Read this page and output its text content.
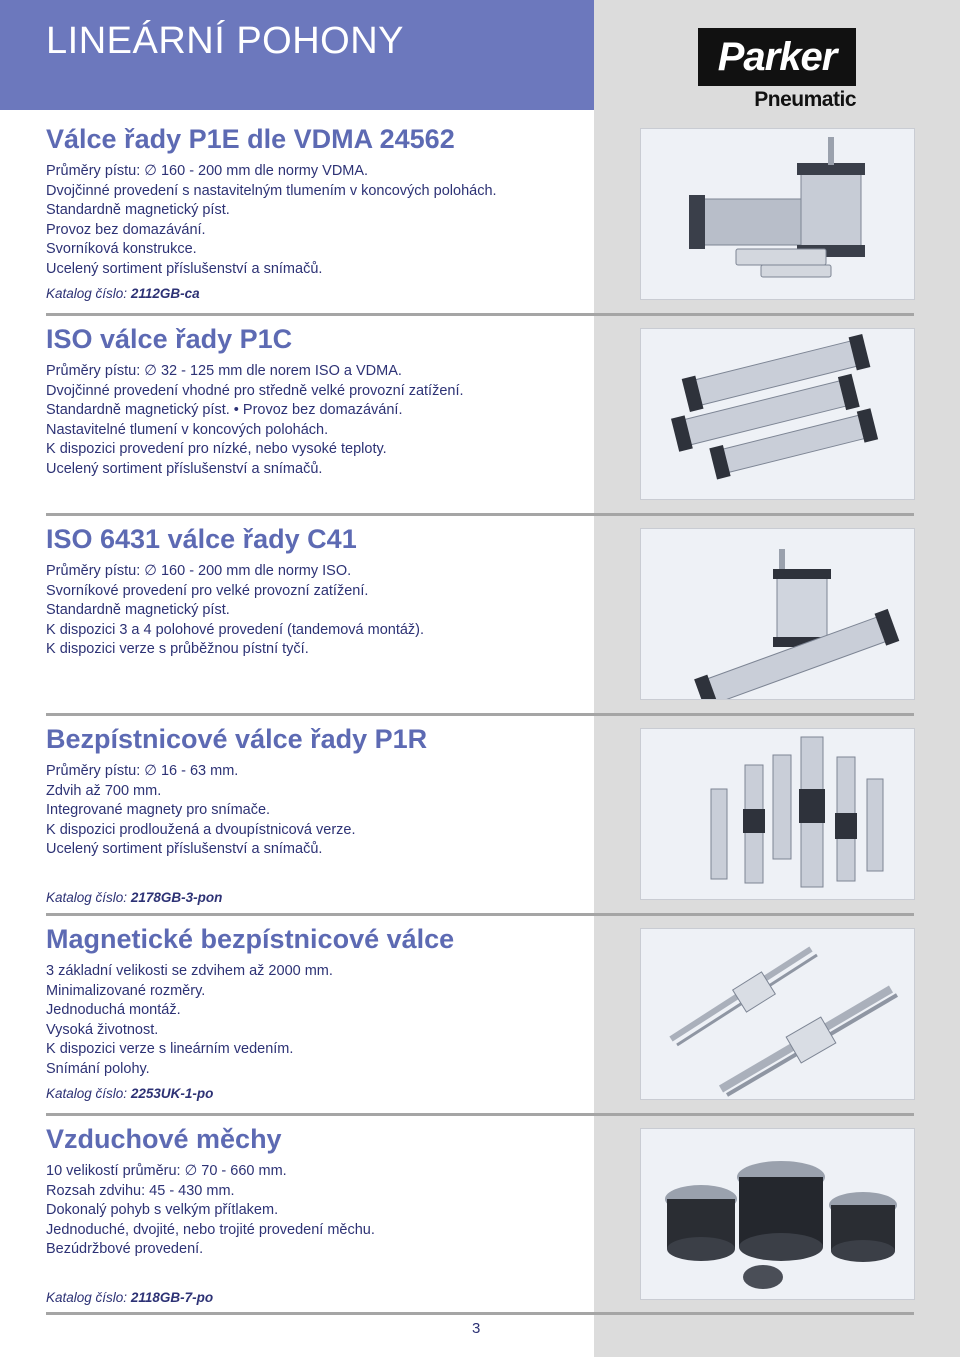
LINEÁRNÍ POHONY	Parker
Pneumatic
Válce řady P1E dle VDMA 24562

Průměry pístu: ∅ 160 - 200 mm dle normy VDMA.

Dvojčinné provedení s nastavitelným tlumením v koncových polohách.

Standardně magnetický píst.

Provoz bez domazávání.

Svorníková konstrukce.

Ucelený sortiment příslušenství a snímačů.

Katalog číslo: 2112GB-ca

ISO válce řady P1C

Průměry pístu: ∅ 32 - 125 mm dle norem ISO a VDMA.

Dvojčinné provedení vhodné pro středně velké provozní zatížení.

Standardně magnetický píst. • Provoz bez domazávání.

Nastavitelné tlumení v koncových polohách.

K dispozici provedení pro nízké, nebo vysoké teploty.

Ucelený sortiment příslušenství a snímačů.

ISO 6431 válce řady C41

Průměry pístu: ∅ 160 - 200 mm dle normy ISO.

Svorníkové provedení pro velké provozní zatížení.

Standardně magnetický píst.

K dispozici 3 a 4 polohové provedení (tandemová montáž).

K dispozici verze s průběžnou pístní tyčí.

Bezpístnicové válce řady P1R

Průměry pístu: ∅ 16 - 63 mm.

Zdvih až 700 mm.

Integrované magnety pro snímače.

K dispozici prodloužená a dvoupístnicová verze.

Ucelený sortiment příslušenství a snímačů.

Katalog číslo: 2178GB-3-pon

Magnetické bezpístnicové válce

3 základní velikosti se zdvihem až 2000 mm.

Minimalizované rozměry.

Jednoduchá montáž.

Vysoká životnost.

K dispozici verze s lineárním vedením.

Snímání polohy.

Katalog číslo: 2253UK-1-po

Vzduchové měchy

10 velikostí průměru: ∅ 70 - 660 mm.

Rozsah zdvihu: 45 - 430 mm.

Dokonalý pohyb s velkým přítlakem.

Jednoduché, dvojité, nebo trojité provedení měchu.

Bezúdržbové provedení.

Katalog číslo: 2118GB-7-po

3
